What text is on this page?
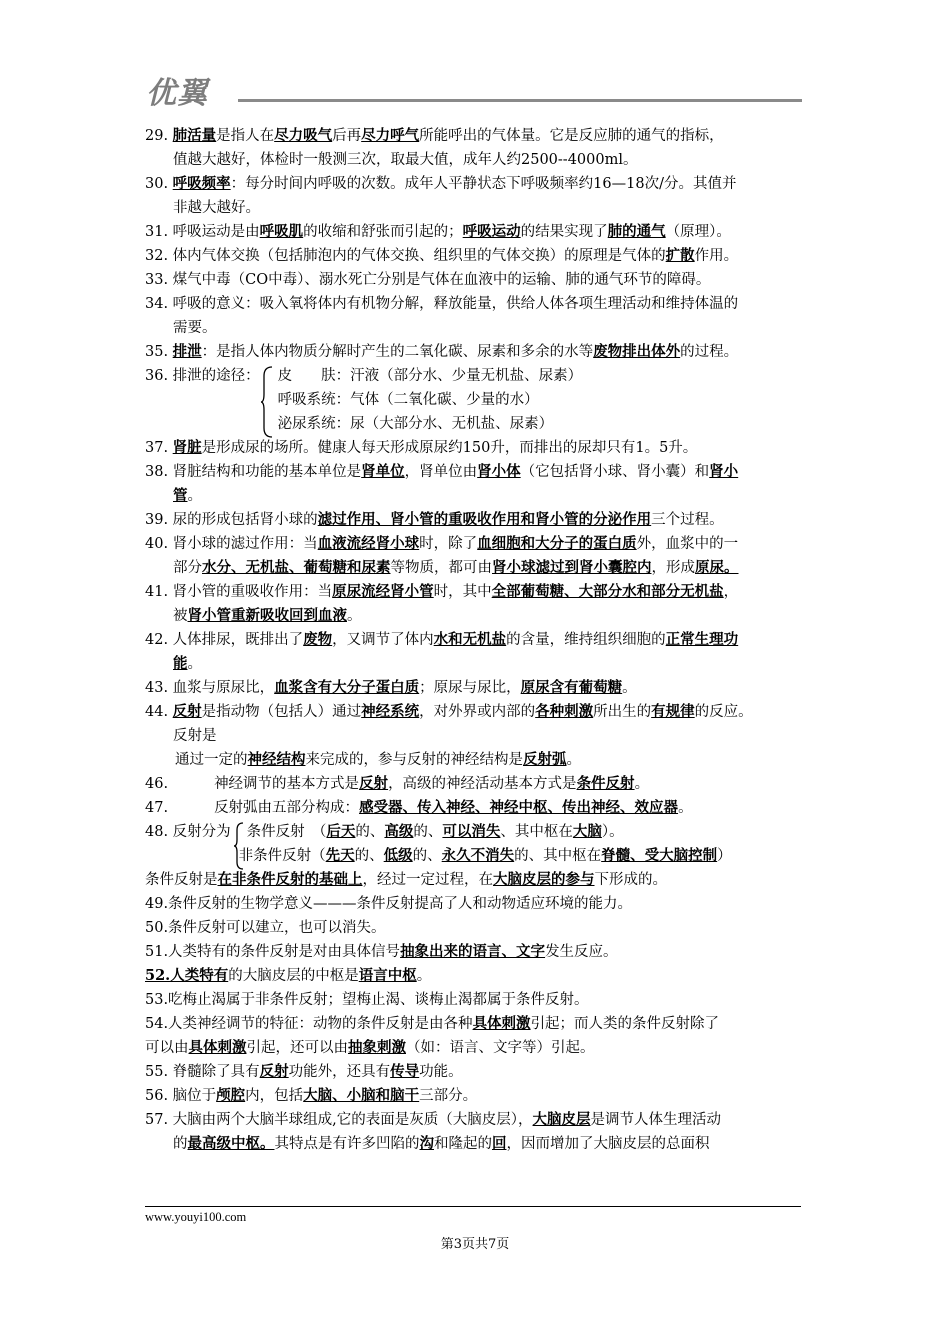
优翼
29. 肺活量是指人在尽力吸气后再尽力呼气所能呼出的气体量。它是反应肺的通气的指标，
值越大越好，体检时一般测三次，取最大值，成年人约2500--4000ml。
30. 呼吸频率：每分时间内呼吸的次数。成年人平静状态下呼吸频率约16—18次/分。其值并
非越大越好。
31. 呼吸运动是由呼吸肌的收缩和舒张而引起的；呼吸运动的结果实现了肺的通气（原理）。
32. 体内气体交换（包括肺泡内的气体交换、组织里的气体交换）的原理是气体的扩散作用。
33. 煤气中毒（CO中毒）、溺水死亡分别是气体在血液中的运输、肺的通气环节的障碍。
34. 呼吸的意义：吸入氧将体内有机物分解，释放能量，供给人体各项生理活动和维持体温的
需要。
35. 排泄：是指人体内物质分解时产生的二氧化碳、尿素和多余的水等废物排出体外的过程。
36. 排泄的途径： 皮　　肤：汗液（部分水、少量无机盐、尿素）
呼吸系统：气体（二氧化碳、少量的水）
泌尿系统：尿（大部分水、无机盐、尿素）
37. 肾脏是形成尿的场所。健康人每天形成原尿约150升，而排出的尿却只有1。5升。
38. 肾脏结构和功能的基本单位是肾单位，肾单位由肾小体（它包括肾小球、肾小囊）和肾小
管。
39. 尿的形成包括肾小球的滤过作用、肾小管的重吸收作用和肾小管的分泌作用三个过程。
40. 肾小球的滤过作用：当血液流经肾小球时，除了血细胞和大分子的蛋白质外，血浆中的一
部分水分、无机盐、葡萄糖和尿素等物质，都可由肾小球滤过到肾小囊腔内，形成原尿。
41. 肾小管的重吸收作用：当原尿流经肾小管时，其中全部葡萄糖、大部分水和部分无机盐，
被肾小管重新吸收回到血液。
42. 人体排尿，既排出了废物，又调节了体内水和无机盐的含量，维持组织细胞的正常生理功
能。
43. 血浆与原尿比，血浆含有大分子蛋白质；原尿与尿比，原尿含有葡萄糖。
44. 反射是指动物（包括人）通过神经系统，对外界或内部的各种刺激所出生的有规律的反应。
反射是
通过一定的神经结构来完成的，参与反射的神经结构是反射弧。
46.	神经调节的基本方式是反射，高级的神经活动基本方式是条件反射。
47.	反射弧由五部分构成：感受器、传入神经、神经中枢、传出神经、效应器。
48. 反射分为 条件反射　（后天的、高级的、可以消失、其中枢在大脑）。
非条件反射（先天的、低级的、永久不消失的、其中枢在脊髓、受大脑控制）
条件反射是在非条件反射的基础上，经过一定过程，在大脑皮层的参与下形成的。
49.条件反射的生物学意义———条件反射提高了人和动物适应环境的能力。
50.条件反射可以建立，也可以消失。
51.人类特有的条件反射是对由具体信号抽象出来的语言、文字发生反应。
52.人类特有的大脑皮层的中枢是语言中枢。
53.吃梅止渴属于非条件反射；望梅止渴、谈梅止渴都属于条件反射。
54.人类神经调节的特征：动物的条件反射是由各种具体刺激引起；而人类的条件反射除了
可以由具体刺激引起，还可以由抽象刺激（如：语言、文字等）引起。
55. 脊髓除了具有反射功能外，还具有传导功能。
56. 脑位于颅腔内，包括大脑、小脑和脑干三部分。
57. 大脑由两个大脑半球组成,它的表面是灰质（大脑皮层），大脑皮层是调节人体生理活动
的最高级中枢。其特点是有许多凹陷的沟和隆起的回，因而增加了大脑皮层的总面积
www.youyi100.com
第3页共7页
